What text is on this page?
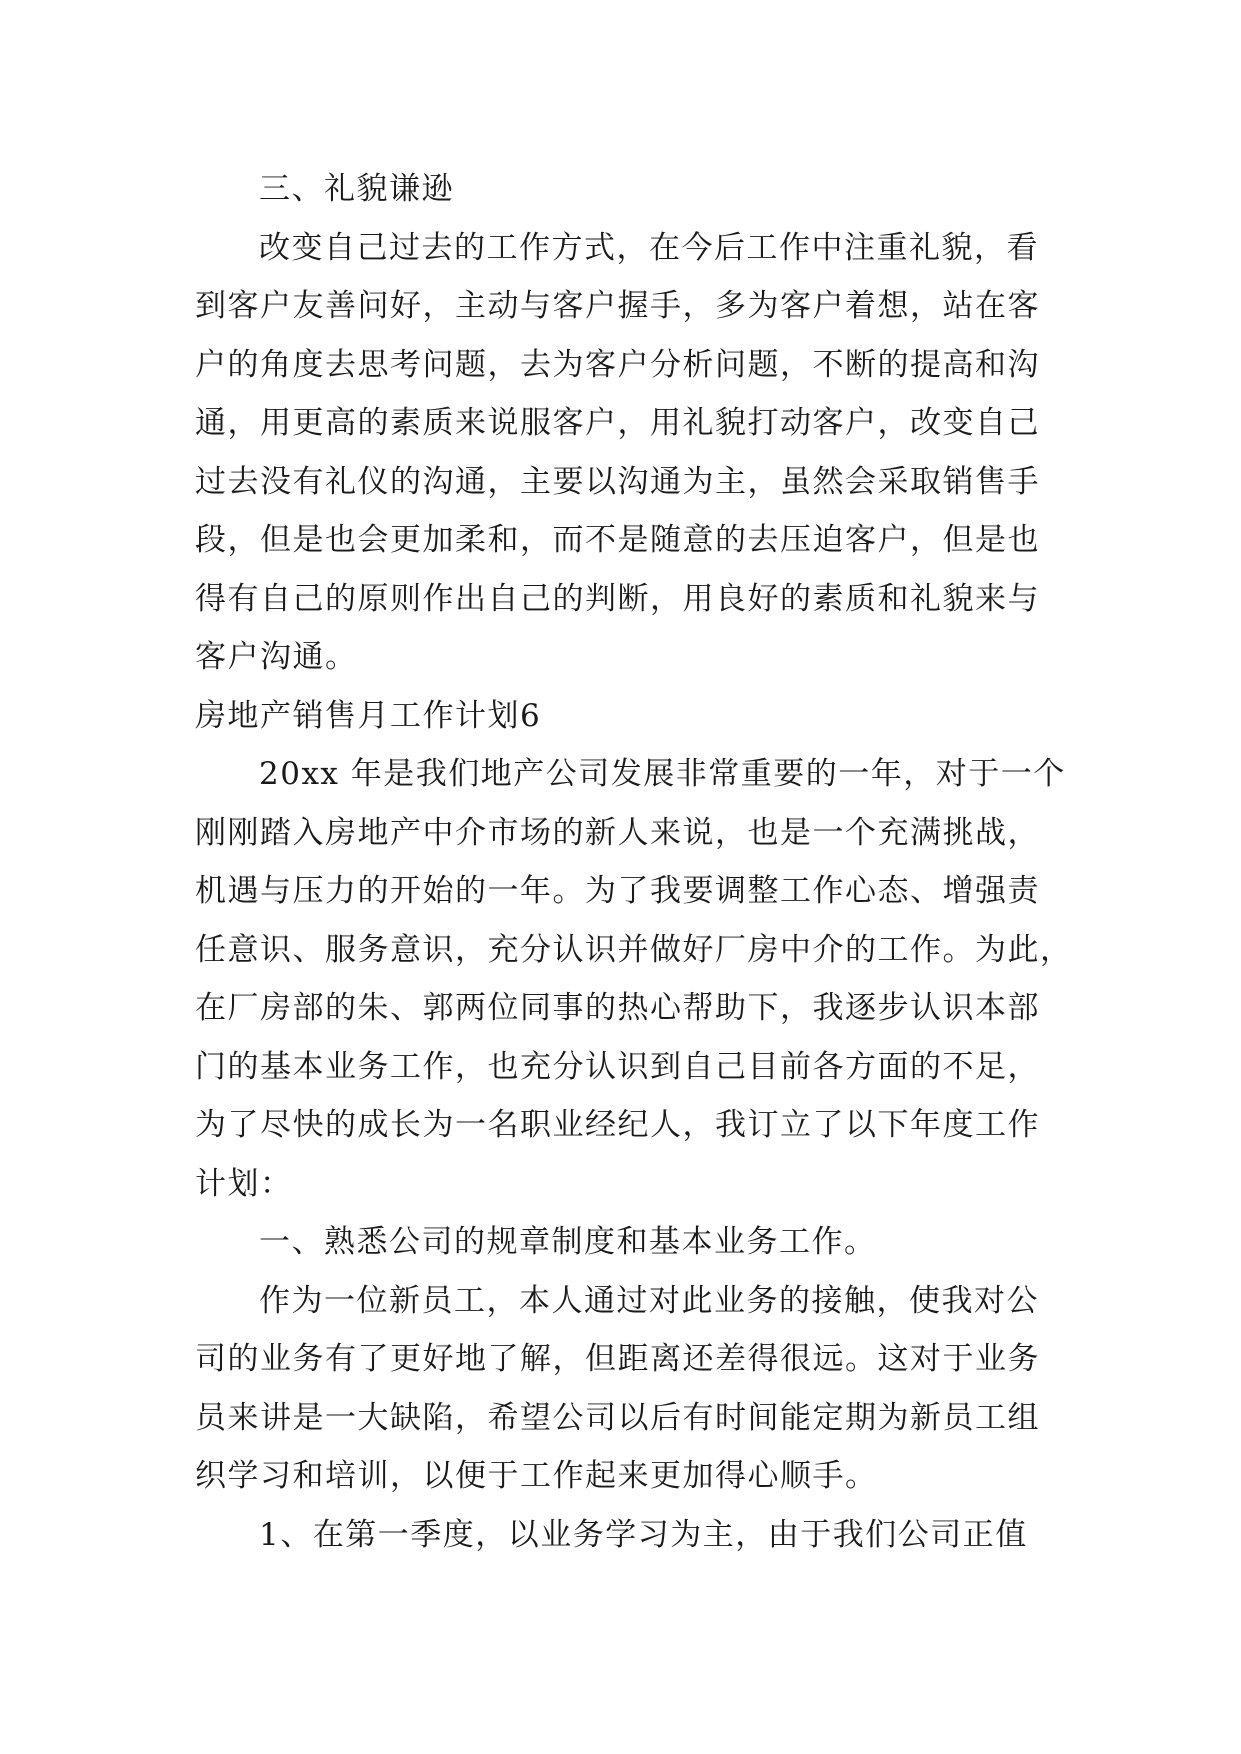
三、礼貌谦逊
改变自己过去的工作方式，在今后工作中注重礼貌，看
到客户友善问好，主动与客户握手，多为客户着想，站在客
户的角度去思考问题，去为客户分析问题，不断的提高和沟
通，用更高的素质来说服客户，用礼貌打动客户，改变自己
过去没有礼仪的沟通，主要以沟通为主，虽然会采取销售手
段，但是也会更加柔和，而不是随意的去压迫客户，但是也
得有自己的原则作出自己的判断，用良好的素质和礼貌来与
客户沟通。
房地产销售月工作计划6
20xx 年是我们地产公司发展非常重要的一年，对于一个
刚刚踏入房地产中介市场的新人来说，也是一个充满挑战，
机遇与压力的开始的一年。为了我要调整工作心态、增强责
任意识、服务意识，充分认识并做好厂房中介的工作。为此，
在厂房部的朱、郭两位同事的热心帮助下，我逐步认识本部
门的基本业务工作，也充分认识到自己目前各方面的不足，
为了尽快的成长为一名职业经纪人，我订立了以下年度工作
计划：
一、熟悉公司的规章制度和基本业务工作。
作为一位新员工，本人通过对此业务的接触，使我对公
司的业务有了更好地了解，但距离还差得很远。这对于业务
员来讲是一大缺陷，希望公司以后有时间能定期为新员工组
织学习和培训，以便于工作起来更加得心顺手。
1、在第一季度，以业务学习为主，由于我们公司正值
